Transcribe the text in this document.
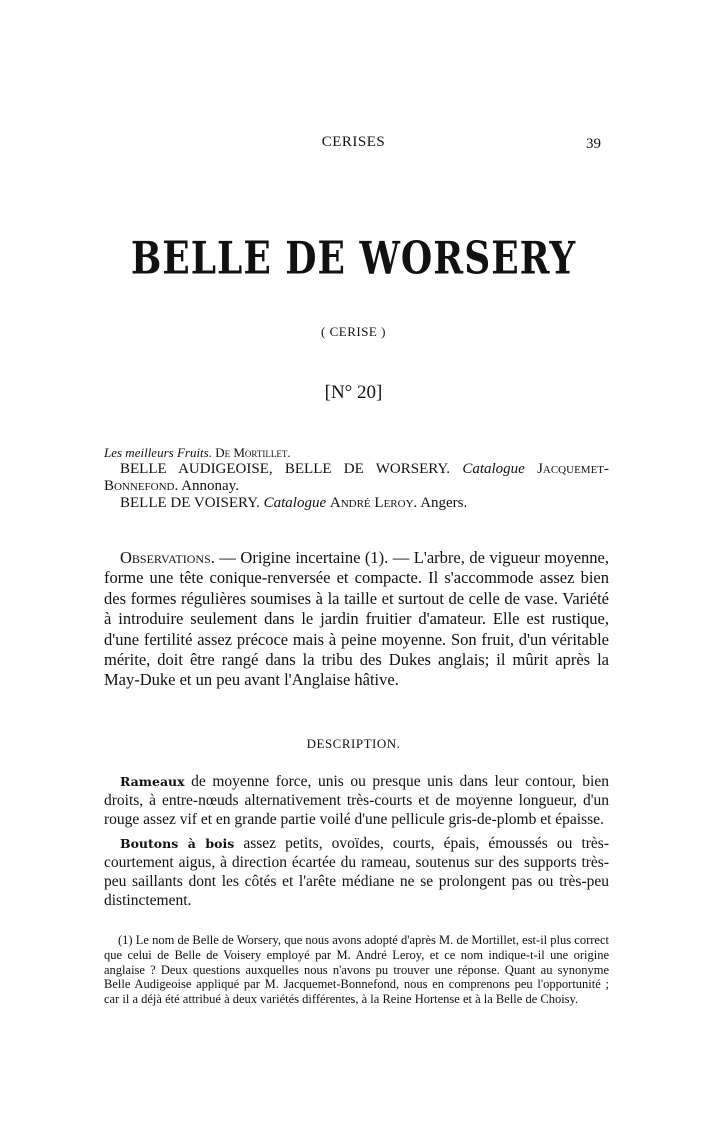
CERISES	39
BELLE DE WORSERY
( CERISE )
[N° 20]

Les meilleurs Fruits. De Mortillet.

BELLE AUDIGEOISE, BELLE DE WORSERY. Catalogue Jacquemet-Bonnefond. Annonay.

BELLE DE VOISERY. Catalogue André Leroy. Angers.

Observations. — Origine incertaine (1). — L'arbre, de vigueur moyenne, forme une tête conique-renversée et compacte. Il s'accommode assez bien des formes régulières soumises à la taille et surtout de celle de vase. Variété à introduire seulement dans le jardin fruitier d'amateur. Elle est rustique, d'une fertilité assez précoce mais à peine moyenne. Son fruit, d'un véritable mérite, doit être rangé dans la tribu des Dukes anglais; il mûrit après la May-Duke et un peu avant l'Anglaise hâtive.

DESCRIPTION.

Rameaux de moyenne force, unis ou presque unis dans leur contour, bien droits, à entre-nœuds alternativement très-courts et de moyenne longueur, d'un rouge assez vif et en grande partie voilé d'une pellicule gris-de-plomb et épaisse.

Boutons à bois assez petits, ovoïdes, courts, épais, émoussés ou très-courtement aigus, à direction écartée du rameau, soutenus sur des supports très-peu saillants dont les côtés et l'arête médiane ne se prolongent pas ou très-peu distinctement.

(1) Le nom de Belle de Worsery, que nous avons adopté d'après M. de Mortillet, est-il plus correct que celui de Belle de Voisery employé par M. André Leroy, et ce nom indique-t-il une origine anglaise ? Deux questions auxquelles nous n'avons pu trouver une réponse. Quant au synonyme Belle Audigeoise appliqué par M. Jacquemet-Bonnefond, nous en comprenons peu l'opportunité ; car il a déjà été attribué à deux variétés différentes, à la Reine Hortense et à la Belle de Choisy.
